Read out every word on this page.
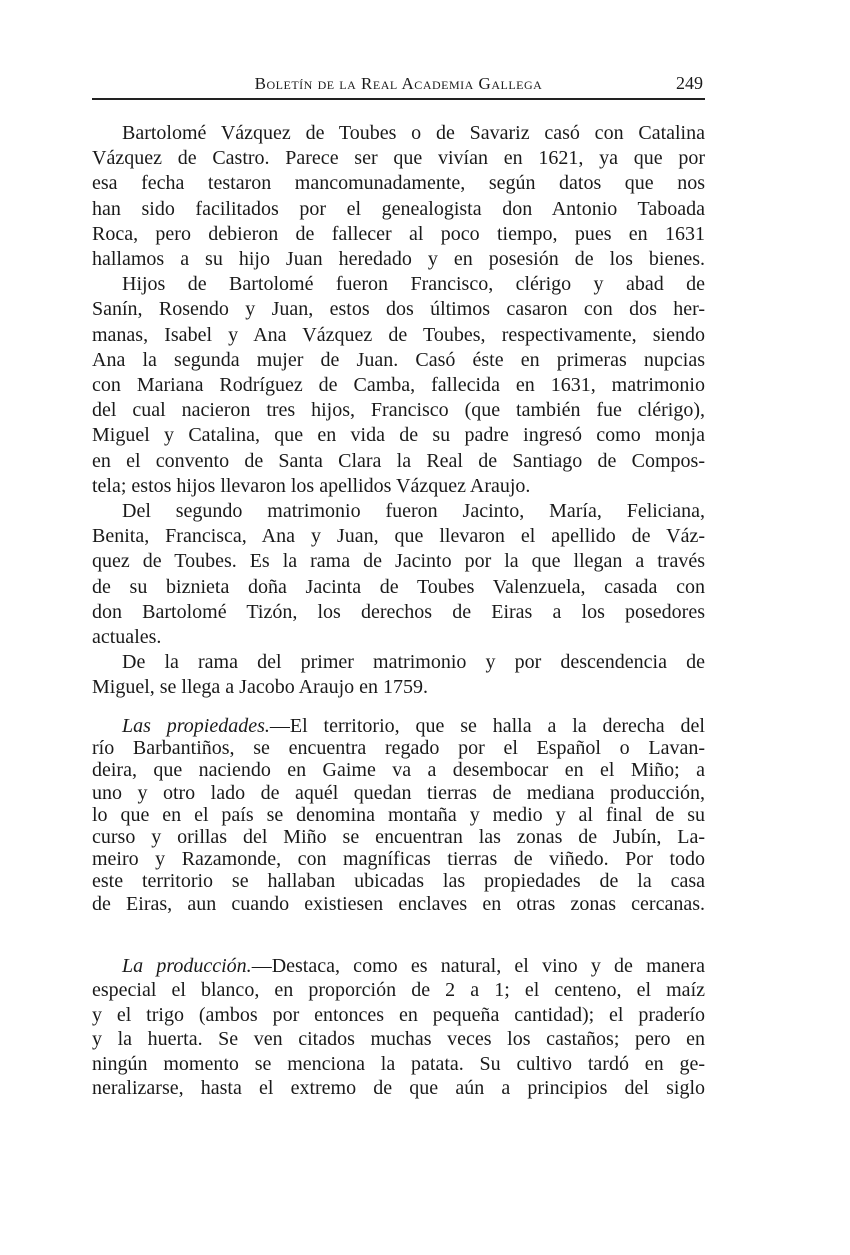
Boletín de la Real Academia Gallega	249
Bartolomé Vázquez de Toubes o de Savariz casó con Catalina
Vázquez de Castro. Parece ser que vivían en 1621, ya que por
esa fecha testaron mancomunadamente, según datos que nos
han sido facilitados por el genealogista don Antonio Taboada
Roca, pero debieron de fallecer al poco tiempo, pues en 1631
hallamos a su hijo Juan heredado y en posesión de los bienes.
Hijos de Bartolomé fueron Francisco, clérigo y abad de
Sanín, Rosendo y Juan, estos dos últimos casaron con dos her-
manas, Isabel y Ana Vázquez de Toubes, respectivamente, siendo
Ana la segunda mujer de Juan. Casó éste en primeras nupcias
con Mariana Rodríguez de Camba, fallecida en 1631, matrimonio
del cual nacieron tres hijos, Francisco (que también fue clérigo),
Miguel y Catalina, que en vida de su padre ingresó como monja
en el convento de Santa Clara la Real de Santiago de Compos-
tela; estos hijos llevaron los apellidos Vázquez Araujo.
Del segundo matrimonio fueron Jacinto, María, Feliciana,
Benita, Francisca, Ana y Juan, que llevaron el apellido de Váz-
quez de Toubes. Es la rama de Jacinto por la que llegan a través
de su biznieta doña Jacinta de Toubes Valenzuela, casada con
don Bartolomé Tizón, los derechos de Eiras a los posedores
actuales.
De la rama del primer matrimonio y por descendencia de
Miguel, se llega a Jacobo Araujo en 1759.
Las propiedades.—El territorio, que se halla a la derecha del
río Barbantiños, se encuentra regado por el Español o Lavan-
deira, que naciendo en Gaime va a desembocar en el Miño; a
uno y otro lado de aquél quedan tierras de mediana producción,
lo que en el país se denomina montaña y medio y al final de su
curso y orillas del Miño se encuentran las zonas de Jubín, La-
meiro y Razamonde, con magníficas tierras de viñedo. Por todo
este territorio se hallaban ubicadas las propiedades de la casa
de Eiras, aun cuando existiesen enclaves en otras zonas cercanas.
La producción.—Destaca, como es natural, el vino y de manera
especial el blanco, en proporción de 2 a 1; el centeno, el maíz
y el trigo (ambos por entonces en pequeña cantidad); el praderío
y la huerta. Se ven citados muchas veces los castaños; pero en
ningún momento se menciona la patata. Su cultivo tardó en ge-
neralizarse, hasta el extremo de que aún a principios del siglo
